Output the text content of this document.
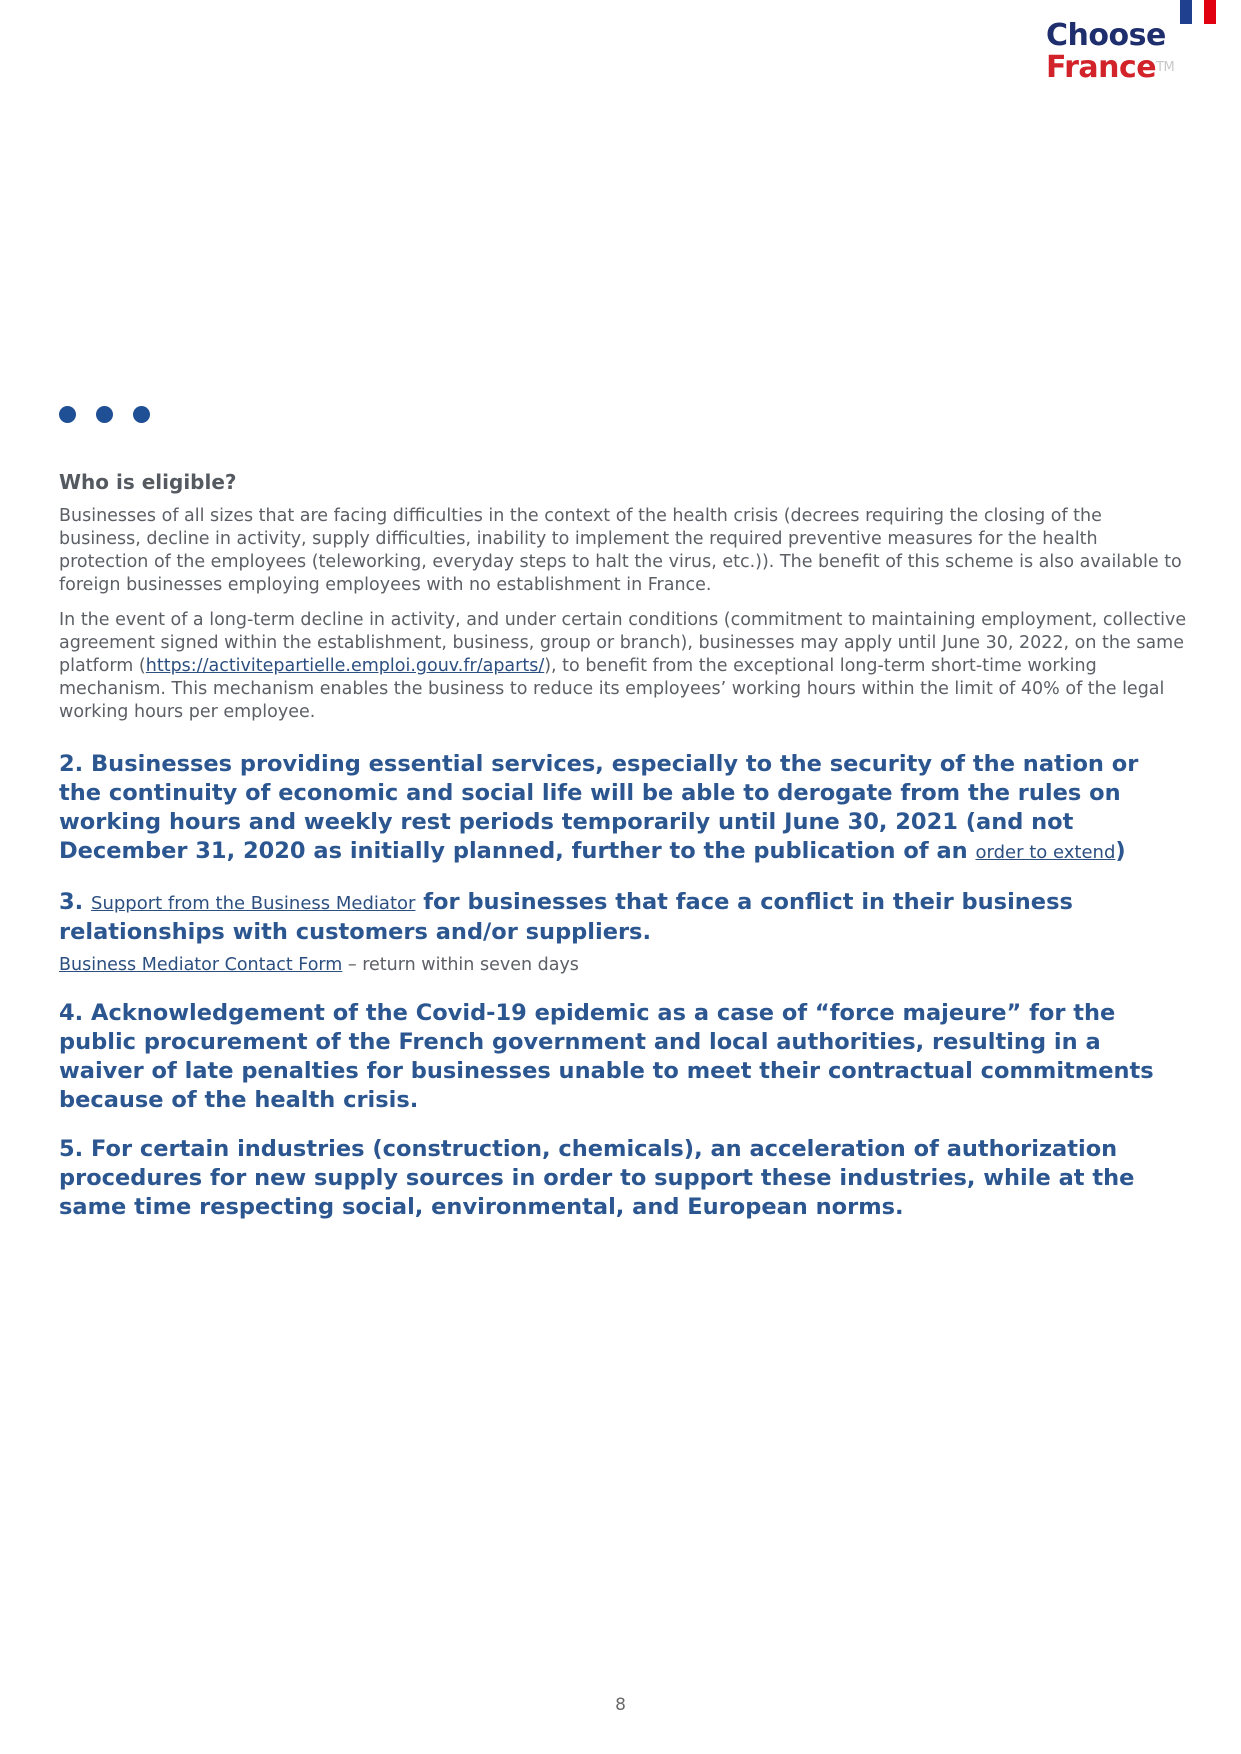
Choose
France™
Who is eligible?

Businesses of all sizes that are facing difficulties in the context of the health crisis (decrees requiring the closing of the business, decline in activity, supply difficulties, inability to implement the required preventive measures for the health protection of the employees (teleworking, everyday steps to halt the virus, etc.)). The benefit of this scheme is also available to foreign businesses employing employees with no establishment in France.

In the event of a long-term decline in activity, and under certain conditions (commitment to maintaining employment, collective agreement signed within the establishment, business, group or branch), businesses may apply until June 30, 2022, on the same platform (https://activitepartielle.emploi.gouv.fr/aparts/), to benefit from the exceptional long-term short-time working mechanism. This mechanism enables the business to reduce its employees’ working hours within the limit of 40% of the legal working hours per employee.

2. Businesses providing essential services, especially to the security of the nation or the continuity of economic and social life will be able to derogate from the rules on working hours and weekly rest periods temporarily until June 30, 2021 (and not December 31, 2020 as initially planned, further to the publication of an order to extend)

3. Support from the Business Mediator for businesses that face a conflict in their business relationships with customers and/or suppliers.

Business Mediator Contact Form – return within seven days

4. Acknowledgement of the Covid-19 epidemic as a case of “force majeure” for the public procurement of the French government and local authorities, resulting in a waiver of late penalties for businesses unable to meet their contractual commitments because of the health crisis.

5. For certain industries (construction, chemicals), an acceleration of authorization procedures for new supply sources in order to support these industries, while at the same time respecting social, environmental, and European norms.

8
